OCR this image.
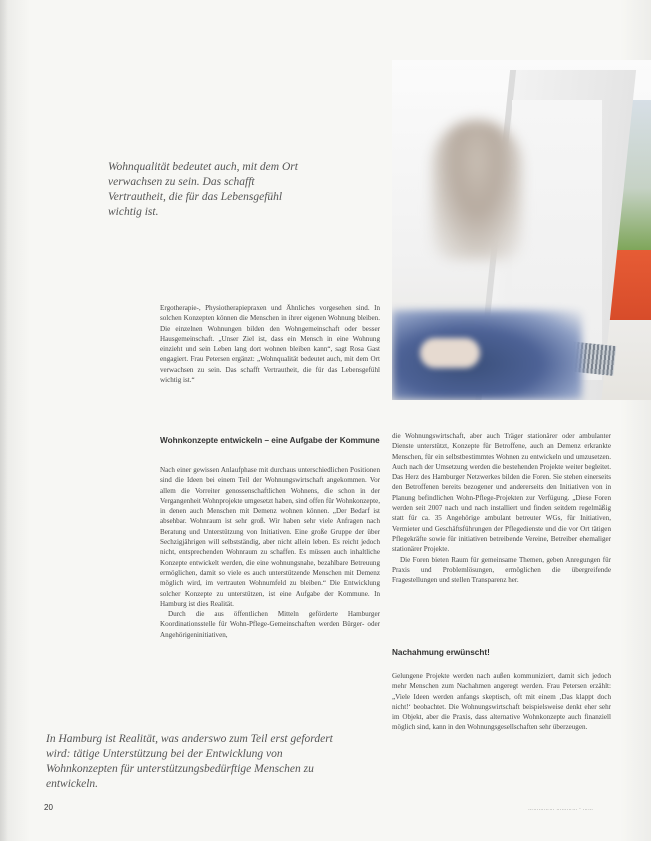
Wohnqualität bedeutet auch, mit dem Ort verwachsen zu sein. Das schafft Vertrautheit, die für das Lebensgefühl wichtig ist.

Ergotherapie-, Physiotherapiepraxen und Ähnliches vorgesehen sind. In solchen Konzepten können die Menschen in ihrer eigenen Wohnung bleiben. Die einzelnen Wohnungen bilden den Wohngemeinschaft oder besser Hausgemeinschaft. „Unser Ziel ist, dass ein Mensch in eine Wohnung einzieht und sein Leben lang dort wohnen bleiben kann“, sagt Rosa Gast engagiert. Frau Petersen ergänzt: „Wohnqualität bedeutet auch, mit dem Ort verwachsen zu sein. Das schafft Vertrautheit, die für das Lebensgefühl wichtig ist.“

Wohnkonzepte entwickeln – eine Aufgabe der Kommune

Nach einer gewissen Anlaufphase mit durchaus unterschiedlichen Positionen sind die Ideen bei einem Teil der Wohnungswirtschaft angekommen. Vor allem die Vorreiter genossenschaftlichen Wohnens, die schon in der Vergangenheit Wohnprojekte umgesetzt haben, sind offen für Wohnkonzepte, in denen auch Menschen mit Demenz wohnen können. „Der Bedarf ist absehbar. Wohnraum ist sehr groß. Wir haben sehr viele Anfragen nach Beratung und Unterstützung von Initiativen. Eine große Gruppe der über Sechzigjährigen will selbstständig, aber nicht allein leben. Es reicht jedoch nicht, entsprechenden Wohnraum zu schaffen. Es müssen auch inhaltliche Konzepte entwickelt werden, die eine wohnungsnahe, bezahlbare Betreuung ermöglichen, damit so viele es auch unterstützende Menschen mit Demenz möglich wird, im vertrauten Wohnumfeld zu bleiben.“ Die Entwicklung solcher Konzepte zu unterstützen, ist eine Aufgabe der Kommune. In Hamburg ist dies Realität.

Durch die aus öffentlichen Mitteln geförderte Hamburger Koordinationsstelle für Wohn-Pflege-Gemeinschaften werden Bürger- oder Angehörigeninitiativen,

die Wohnungswirtschaft, aber auch Träger stationärer oder ambulanter Dienste unterstützt, Konzepte für Betroffene, auch an Demenz erkrankte Menschen, für ein selbstbestimmtes Wohnen zu entwickeln und umzusetzen. Auch nach der Umsetzung werden die bestehenden Projekte weiter begleitet. Das Herz des Hamburger Netzwerkes bilden die Foren. Sie stehen einerseits den Betroffenen bereits bezogener und andererseits den Initiativen von in Planung befindlichen Wohn-Pflege-Projekten zur Verfügung. „Diese Foren werden seit 2007 nach und nach installiert und finden seitdem regelmäßig statt für ca. 35 Angehörige ambulant betreuter WGs, für Initiativen, Vermieter und Geschäftsführungen der Pflegedienste und die vor Ort tätigen Pflegekräfte sowie für initiativen betreibende Vereine, Betreiber ehemaliger stationärer Projekte.

Die Foren bieten Raum für gemeinsame Themen, geben Anregungen für Praxis und Problemlösungen, ermöglichen die übergreifende Fragestellungen und stellen Transparenz her.

Nachahmung erwünscht!

Gelungene Projekte werden nach außen kommuniziert, damit sich jedoch mehr Menschen zum Nachahmen angeregt werden. Frau Petersen erzählt: „Viele Ideen werden anfangs skeptisch, oft mit einem ‚Das klappt doch nicht!‘ beobachtet. Die Wohnungswirtschaft beispielsweise denkt eher sehr im Objekt, aber die Praxis, dass alternative Wohnkonzepte auch finanziell möglich sind, kann in den Wohnungsgesellschaften sehr überzeugen.

In Hamburg ist Realität, was anderswo zum Teil erst gefordert wird: tätige Unterstützung bei der Entwicklung von Wohnkonzepten für unterstützungsbedürftige Menschen zu entwickeln.
20	…………… ………… · ……
